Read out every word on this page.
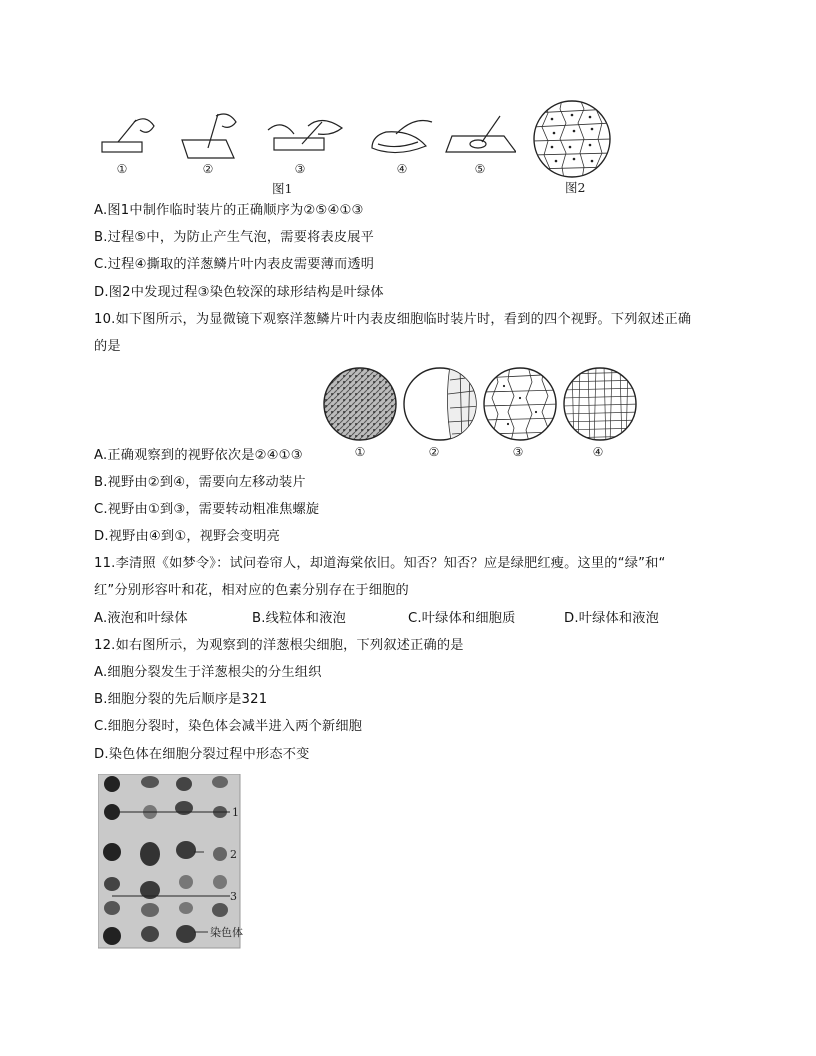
①	②	③	④	⑤
图1	图2
A.图1中制作临时装片的正确顺序为②⑤④①③
B.过程⑤中，为防止产生气泡，需要将表皮展平
C.过程④撕取的洋葱鳞片叶内表皮需要薄而透明
D.图2中发现过程③染色较深的球形结构是叶绿体
10.如下图所示，为显微镜下观察洋葱鳞片叶内表皮细胞临时装片时，看到的四个视野。下列叙述正确
的是
①	②	③	④
A.正确观察到的视野依次是②④①③
B.视野由②到④，需要向左移动装片
C.视野由①到③，需要转动粗准焦螺旋
D.视野由④到①，视野会变明亮
11.李清照《如梦令》：试问卷帘人，却道海棠依旧。知否？知否？应是绿肥红瘦。这里的“绿”和“
红”分别形容叶和花，相对应的色素分别存在于细胞的
A.液泡和叶绿体	B.线粒体和液泡	C.叶绿体和细胞质	D.叶绿体和液泡
12.如右图所示，为观察到的洋葱根尖细胞，下列叙述正确的是
A.细胞分裂发生于洋葱根尖的分生组织
B.细胞分裂的先后顺序是321
C.细胞分裂时，染色体会减半进入两个新细胞
D.染色体在细胞分裂过程中形态不变
1
2
3
染色体
